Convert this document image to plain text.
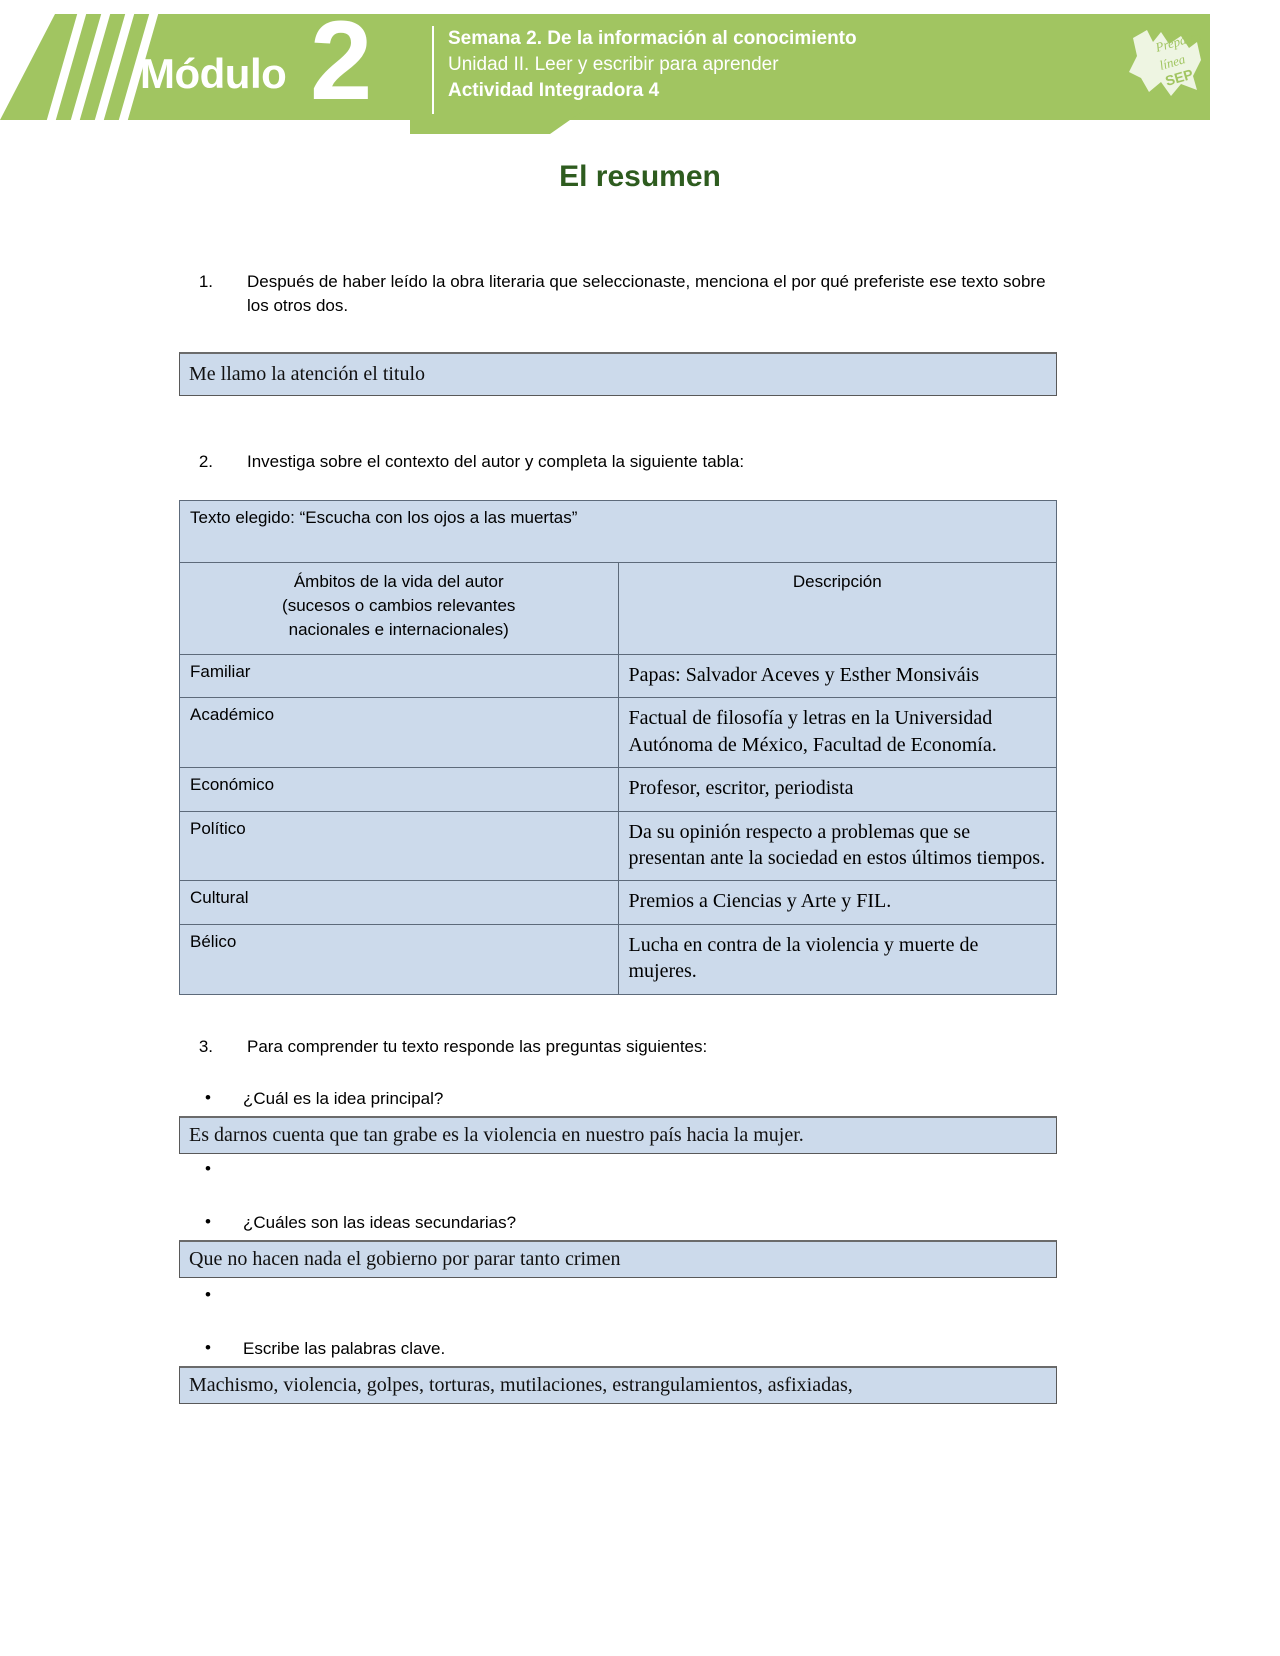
Módulo 2	Semana 2. De la información al conocimiento
Unidad II. Leer y escribir para aprender
Actividad Integradora 4
Prepa en
línea
SEP
El resumen
1. Después de haber leído la obra literaria que seleccionaste, menciona el por qué preferiste ese texto sobre los otros dos.
Me llamo la atención el titulo
2. Investiga sobre el contexto del autor y completa la siguiente tabla:
Texto elegido: “Escucha con los ojos a las muertas”	
Ámbitos de la vida del autor
(sucesos o cambios relevantes
nacionales e internacionales)	Descripción
Familiar	Papas: Salvador Aceves y Esther Monsiváis
Académico	Factual de filosofía y letras en la Universidad Autónoma de México, Facultad de Economía.
Económico	Profesor, escritor, periodista
Político	Da su opinión respecto a problemas que se presentan ante la sociedad en estos últimos tiempos.
Cultural	Premios a Ciencias y Arte y FIL.
Bélico	Lucha en contra de la violencia y muerte de mujeres.
3. Para comprender tu texto responde las preguntas siguientes:
• ¿Cuál es la idea principal?
Es darnos cuenta que tan grabe es la violencia en nuestro país hacia la mujer.
•
• ¿Cuáles son las ideas secundarias?
Que no hacen nada el gobierno por parar tanto crimen
•
• Escribe las palabras clave.
Machismo, violencia, golpes, torturas, mutilaciones, estrangulamientos, asfixiadas,
